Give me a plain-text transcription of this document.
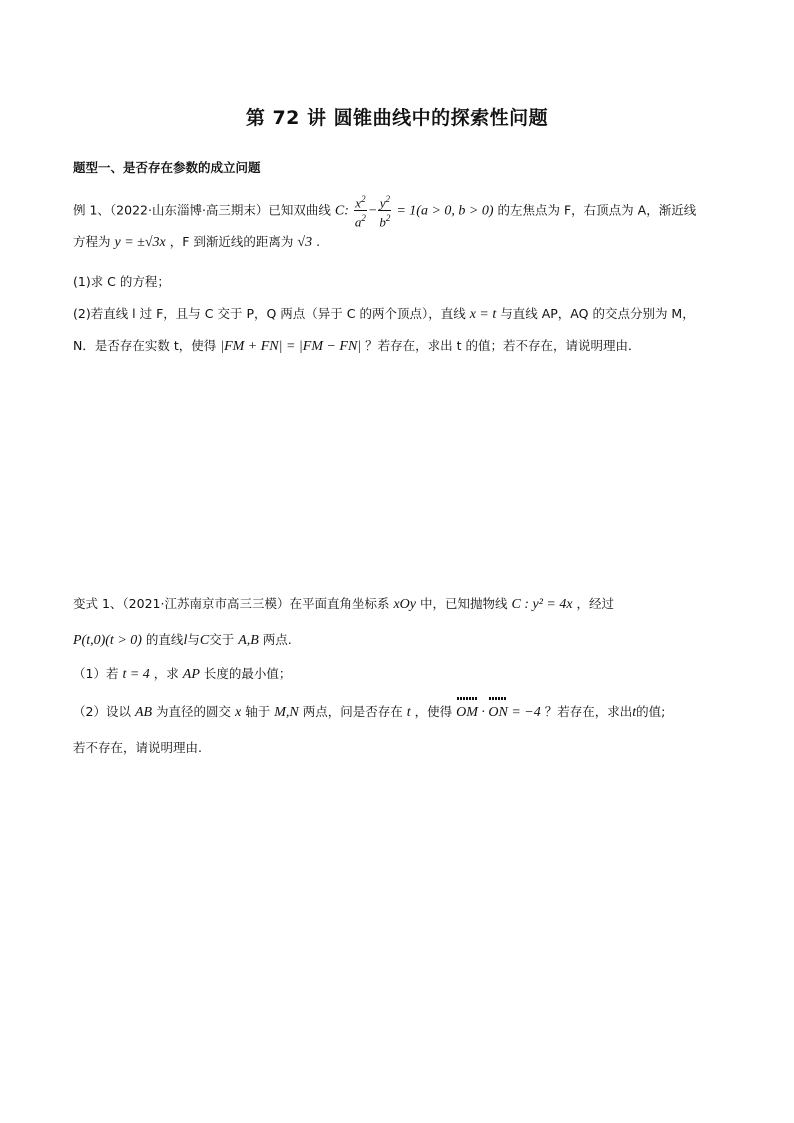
第 72 讲 圆锥曲线中的探索性问题
题型一、是否存在参数的成立问题
例 1、（2022·山东淄博·高三期末）已知双曲线 C: $\frac{x^2}{a^2} - \frac{y^2}{b^2} = 1(a > 0$, b > 0) 的左焦点为 F，右顶点为 A，渐近线
方程为 y = ±√3x ，F 到渐近线的距离为 √3 .
(1)求 C 的方程；
(2)若直线 l 过 F，且与 C 交于 P，Q 两点（异于 C 的两个顶点），直线 x = t 与直线 AP，AQ 的交点分别为 M，
N．是否存在实数 t，使得 |FM + FN| = |FM − FN| ？若存在，求出 t 的值；若不存在，请说明理由．
变式 1、（2021·江苏南京市高三三模）在平面直角坐标系 xOy 中，已知抛物线 C : y² = 4x ，经过
P(t,0)(t > 0) 的直线l与C交于 A,B 两点.
（1）若 t = 4 ，求 AP 长度的最小值；
（2）设以 AB 为直径的圆交 x 轴于 M,N 两点，问是否存在 t ，使得 OM · ON = −4 ？若存在，求出t的值;
若不存在，请说明理由.
